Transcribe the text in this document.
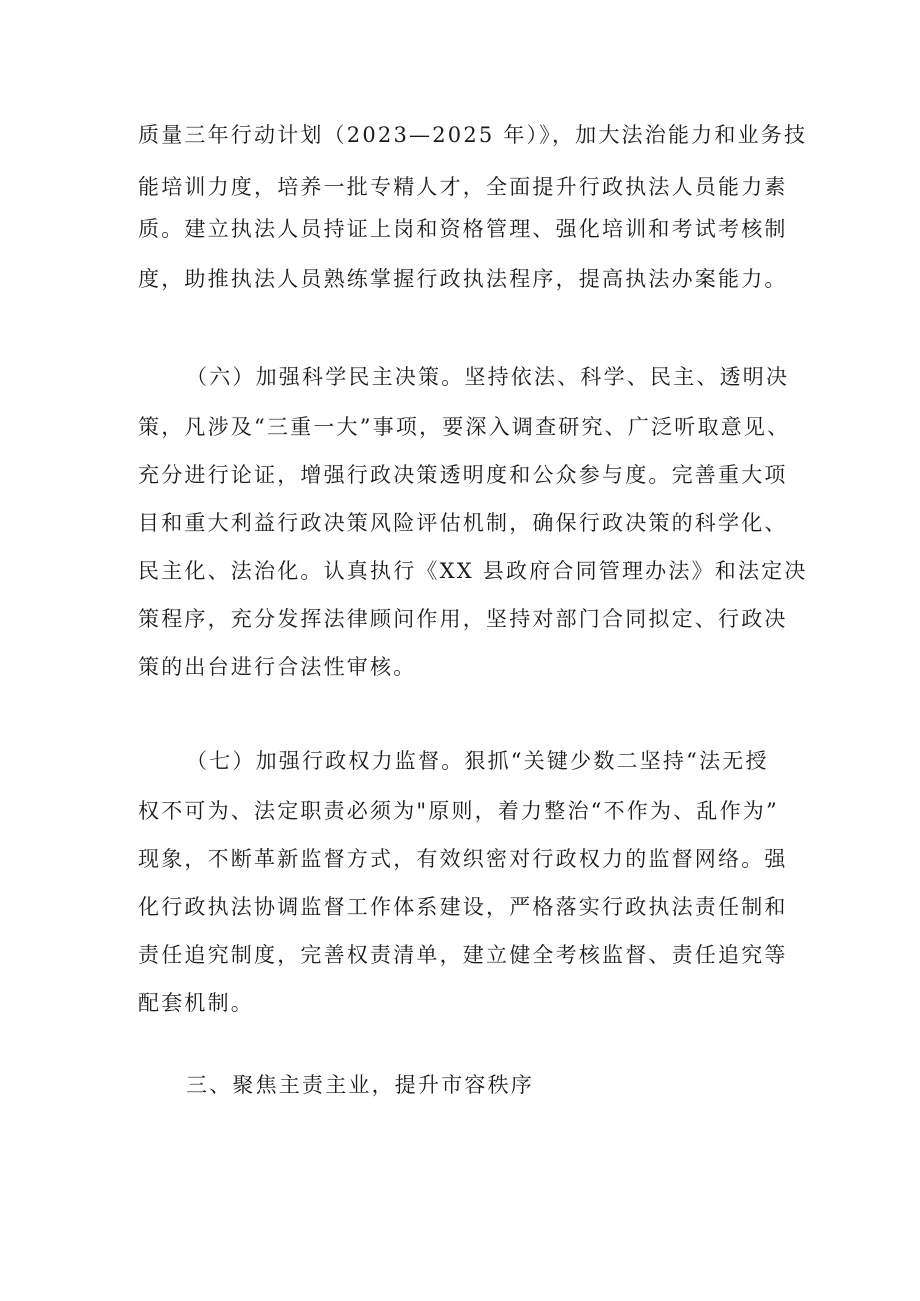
质量三年行动计划（2023—2025 年）》，加大法治能力和业务技
能培训力度，培养一批专精人才，全面提升行政执法人员能力素
质。建立执法人员持证上岗和资格管理、强化培训和考试考核制
度，助推执法人员熟练掌握行政执法程序，提高执法办案能力。
（六）加强科学民主决策。坚持依法、科学、民主、透明决
策，凡涉及“三重一大”事项，要深入调查研究、广泛听取意见、
充分进行论证，增强行政决策透明度和公众参与度。完善重大项
目和重大利益行政决策风险评估机制，确保行政决策的科学化、
民主化、法治化。认真执行《XX 县政府合同管理办法》和法定决
策程序，充分发挥法律顾问作用，坚持对部门合同拟定、行政决
策的出台进行合法性审核。
（七）加强行政权力监督。狠抓“关键少数二坚持“法无授
权不可为、法定职责必须为"原则，着力整治“不作为、乱作为”
现象，不断革新监督方式，有效织密对行政权力的监督网络。强
化行政执法协调监督工作体系建设，严格落实行政执法责任制和
责任追究制度，完善权责清单，建立健全考核监督、责任追究等
配套机制。
三、聚焦主责主业，提升市容秩序
